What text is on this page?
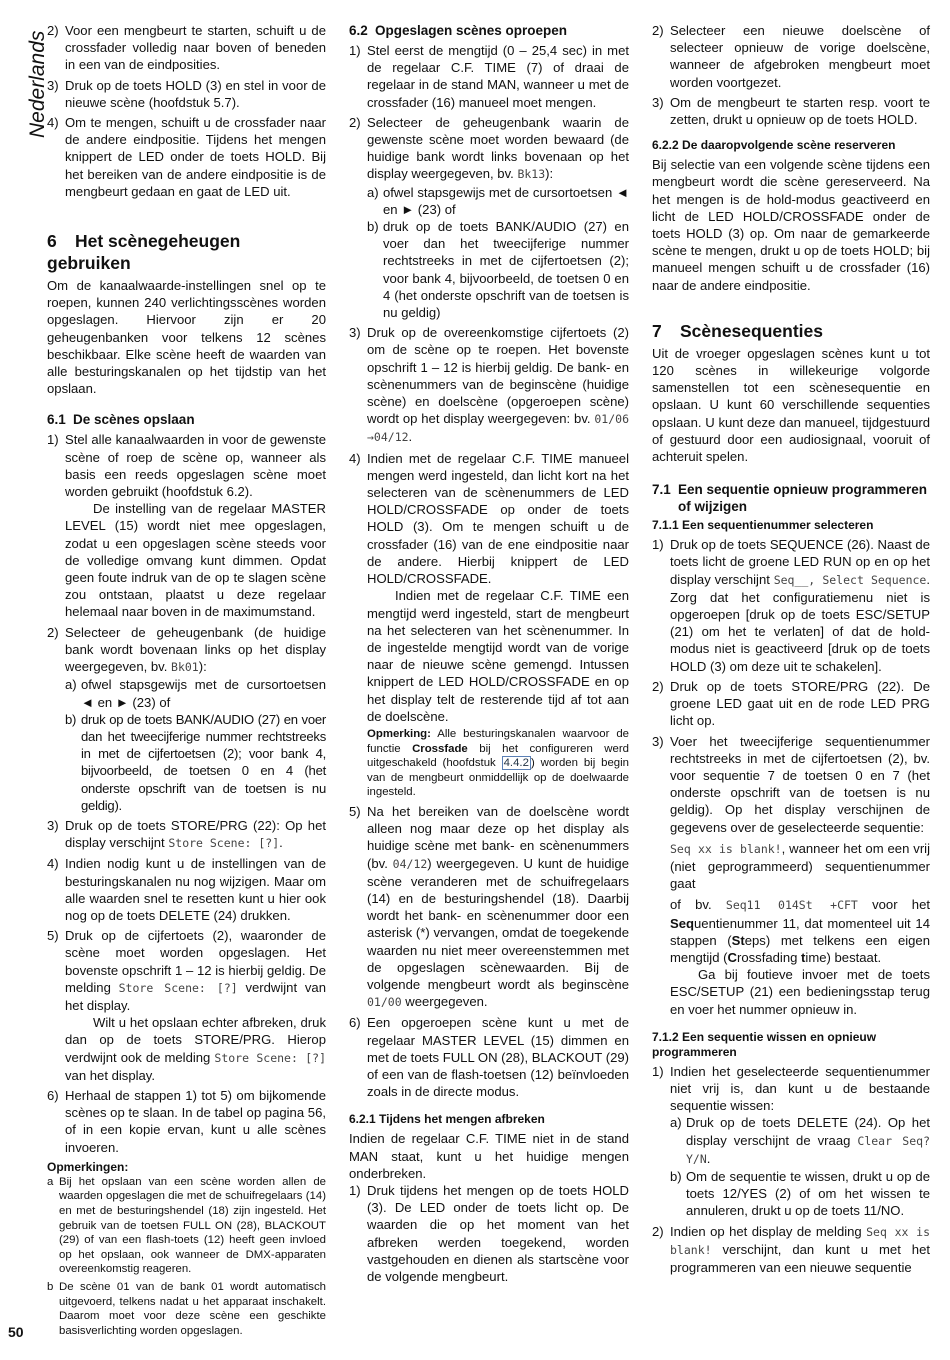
Nederlands
2) Voor een mengbeurt te starten, schuift u de crossfader volledig naar boven of beneden in een van de eindposities.
3) Druk op de toets HOLD (3) en stel in voor de nieuwe scène (hoofdstuk 5.7).
4) Om te mengen, schuift u de crossfader naar de andere eindpositie. Tijdens het mengen knippert de LED onder de toets HOLD. Bij het bereiken van de andere eindpositie is de mengbeurt gedaan en gaat de LED uit.
6 Het scènegeheugen gebruiken

Om de kanaalwaarde-instellingen snel op te roepen, kunnen 240 verlichtingsscènes worden opgeslagen. Hiervoor zijn er 20 geheugenbanken voor telkens 12 scènes beschikbaar. Elke scène heeft de waarden van alle besturingskanalen op het tijdstip van het opslaan.

6.1 De scènes opslaan
1) Stel alle kanaalwaarden in voor de gewenste scène of roep de scène op, wanneer als basis een reeds opgeslagen scène moet worden gebruikt (hoofdstuk 6.2).

De instelling van de regelaar MASTER LEVEL (15) wordt niet mee opgeslagen, zodat u een opgeslagen scène steeds voor de volledige omvang kunt dimmen. Opdat geen foute indruk van de op te slagen scène zou ontstaan, plaatst u deze regelaar helemaal naar boven in de maximumstand.

2) Selecteer de geheugenbank (de huidige bank wordt bovenaan links op het display weergegeven, bv. Bk01):
a) ofwel stapsgewijs met de cursortoetsen ◄ en ► (23) of
b) druk op de toets BANK/AUDIO (27) en voer dan het tweecijferige nummer rechtstreeks in met de cijfertoetsen (2); voor bank 4, bijvoorbeeld, de toetsen 0 en 4 (het onderste opschrift van de toetsen is nu geldig).
3) Druk op de toets STORE/PRG (22): Op het display verschijnt Store Scene: [?].
4) Indien nodig kunt u de instellingen van de besturingskanalen nu nog wijzigen. Maar om alle waarden snel te resetten kunt u hier ook nog op de toets DELETE (24) drukken.
5) Druk op de cijfertoets (2), waaronder de scène moet worden opgeslagen. Het bovenste opschrift 1 – 12 is hierbij geldig. De melding Store Scene: [?] verdwijnt van het display.

Wilt u het opslaan echter afbreken, druk dan op de toets STORE/PRG. Hierop verdwijnt ook de melding Store Scene: [?] van het display.

6) Herhaal de stappen 1) tot 5) om bijkomende scènes op te slaan. In de tabel op pagina 56, of in een kopie ervan, kunt u alle scènes invoeren.
Opmerkingen:
a Bij het opslaan van een scène worden allen de waarden opgeslagen die met de schuifregelaars (14) en met de besturingshendel (18) zijn ingesteld. Het gebruik van de toetsen FULL ON (28), BLACKOUT (29) of van een flash-toets (12) heeft geen invloed op het opslaan, ook wanneer de DMX-apparaten overeenkomstig reageren.
b De scène 01 van de bank 01 wordt automatisch uitgevoerd, telkens nadat u het apparaat inschakelt. Daarom moet voor deze scène een geschikte basisverlichting worden opgeslagen.
6.2 Opgeslagen scènes oproepen
1) Stel eerst de mengtijd (0 – 25,4 sec) in met de regelaar C.F. TIME (7) of draai de regelaar in de stand MAN, wanneer u met de crossfader (16) manueel moet mengen.
2) Selecteer de geheugenbank waarin de gewenste scène moet worden bewaard (de huidige bank wordt links bovenaan op het display weergegeven, bv. Bk13):
a) ofwel stapsgewijs met de cursortoetsen ◄ en ► (23) of
b) druk op de toets BANK/AUDIO (27) en voer dan het tweecijferige nummer rechtstreeks in met de cijfertoetsen (2); voor bank 4, bijvoorbeeld, de toetsen 0 en 4 (het onderste opschrift van de toetsen is nu geldig)
3) Druk op de overeenkomstige cijfertoets (2) om de scène op te roepen. Het bovenste opschrift 1 – 12 is hierbij geldig. De bank- en scènenummers van de beginscène (huidige scène) en doelscène (opgeroepen scène) wordt op het display weergegeven: bv. 01/06 →04/12.
4) Indien met de regelaar C.F. TIME manueel mengen werd ingesteld, dan licht kort na het selecteren van de scènenummers de LED HOLD/CROSSFADE op onder de toets HOLD (3). Om te mengen schuift u de crossfader (16) van de ene eindpositie naar de andere. Hierbij knippert de LED HOLD/CROSSFADE.

Indien met de regelaar C.F. TIME een mengtijd werd ingesteld, start de mengbeurt na het selecteren van het scènenummer. In de ingestelde mengtijd wordt van de vorige naar de nieuwe scène gemengd. Intussen knippert de LED HOLD/CROSSFADE en op het display telt de resterende tijd af tot aan de doelscène.

Opmerking: Alle besturingskanalen waarvoor de functie Crossfade bij het configureren werd uitgeschakeld (hoofdstuk 4.4.2 ) worden bij begin van de mengbeurt onmiddellijk op de doelwaarde ingesteld.

5) Na het bereiken van de doelscène wordt alleen nog maar deze op het display als huidige scène met bank- en scènenummers (bv. 04/12) weergegeven. U kunt de huidige scène veranderen met de schuifregelaars (14) en de besturingshendel (18). Daarbij wordt het bank- en scènenummer door een asterisk (*) vervangen, omdat de toegekende waarden nu niet meer overeenstemmen met de opgeslagen scènewaarden. Bij de volgende mengbeurt wordt als beginscène 01/00 weergegeven.
6) Een opgeroepen scène kunt u met de regelaar MASTER LEVEL (15) dimmen en met de toets FULL ON (28), BLACKOUT (29) of een van de flash-toetsen (12) beïnvloeden zoals in de directe modus.
6.2.1 Tijdens het mengen afbreken

Indien de regelaar C.F. TIME niet in de stand MAN staat, kunt u het huidige mengen onderbreken.

1) Druk tijdens het mengen op de toets HOLD (3). De LED onder de toets licht op. De waarden die op het moment van het afbreken werden toegekend, worden vastgehouden en dienen als startscène voor de volgende mengbeurt.
2) Selecteer een nieuwe doelscène of selecteer opnieuw de vorige doelscène, wanneer de afgebroken mengbeurt moet worden voortgezet.
3) Om de mengbeurt te starten resp. voort te zetten, drukt u opnieuw op de toets HOLD.
6.2.2 De daaropvolgende scène reserveren

Bij selectie van een volgende scène tijdens een mengbeurt wordt die scène gereserveerd. Na het mengen is de hold-modus geactiveerd en licht de LED HOLD/CROSSFADE onder de toets HOLD (3) op. Om naar de gemarkeerde scène te mengen, drukt u op de toets HOLD; bij manueel mengen schuift u de crossfader (16) naar de andere eindpositie.

7 Scènesequenties

Uit de vroeger opgeslagen scènes kunt u tot 120 scènes in willekeurige volgorde samenstellen tot een scènesequentie en opslaan. U kunt 60 verschillende sequenties opslaan. U kunt deze dan manueel, tijdgestuurd of gestuurd door een audiosignaal, vooruit of achteruit spelen.

7.1 Een sequentie opnieuw programmeren of wijzigen
7.1.1 Een sequentienummer selecteren
1) Druk op de toets SEQUENCE (26). Naast de toets licht de groene LED RUN op en op het display verschijnt Seq__, Select Sequence. Zorg dat het configuratiemenu niet is opgeroepen [druk op de toets ESC/SETUP (21) om het te verlaten] of dat de hold-modus niet is geactiveerd [druk op de toets HOLD (3) om deze uit te schakelen].
2) Druk op de toets STORE/PRG (22). De groene LED gaat uit en de rode LED PRG licht op.
3) Voer het tweecijferige sequentienummer rechtstreeks in met de cijfertoetsen (2), bv. voor sequentie 7 de toetsen 0 en 7 (het onderste opschrift van de toetsen is nu geldig). Op het display verschijnen de gegevens over de geselecteerde sequentie:

Seq xx is blank!, wanneer het om een vrij (niet geprogrammeerd) sequentienummer gaat

of bv. Seq11 014St +CFT voor het Sequentienummer 11, dat momenteel uit 14 stappen (Steps) met telkens een eigen mengtijd (Crossfading time) bestaat.

Ga bij foutieve invoer met de toets ESC/SETUP (21) een bedieningsstap terug en voer het nummer opnieuw in.

7.1.2 Een sequentie wissen en opnieuw programmeren
1) Indien het geselecteerde sequentienummer niet vrij is, dan kunt u de bestaande sequentie wissen:
a) Druk op de toets DELETE (24). Op het display verschijnt de vraag Clear Seq? Y/N.
b) Om de sequentie te wissen, drukt u op de toets 12/YES (2) of om het wissen te annuleren, drukt u op de toets 11/NO.
2) Indien op het display de melding Seq xx is blank! verschijnt, dan kunt u met het programmeren van een nieuwe sequentie
50
